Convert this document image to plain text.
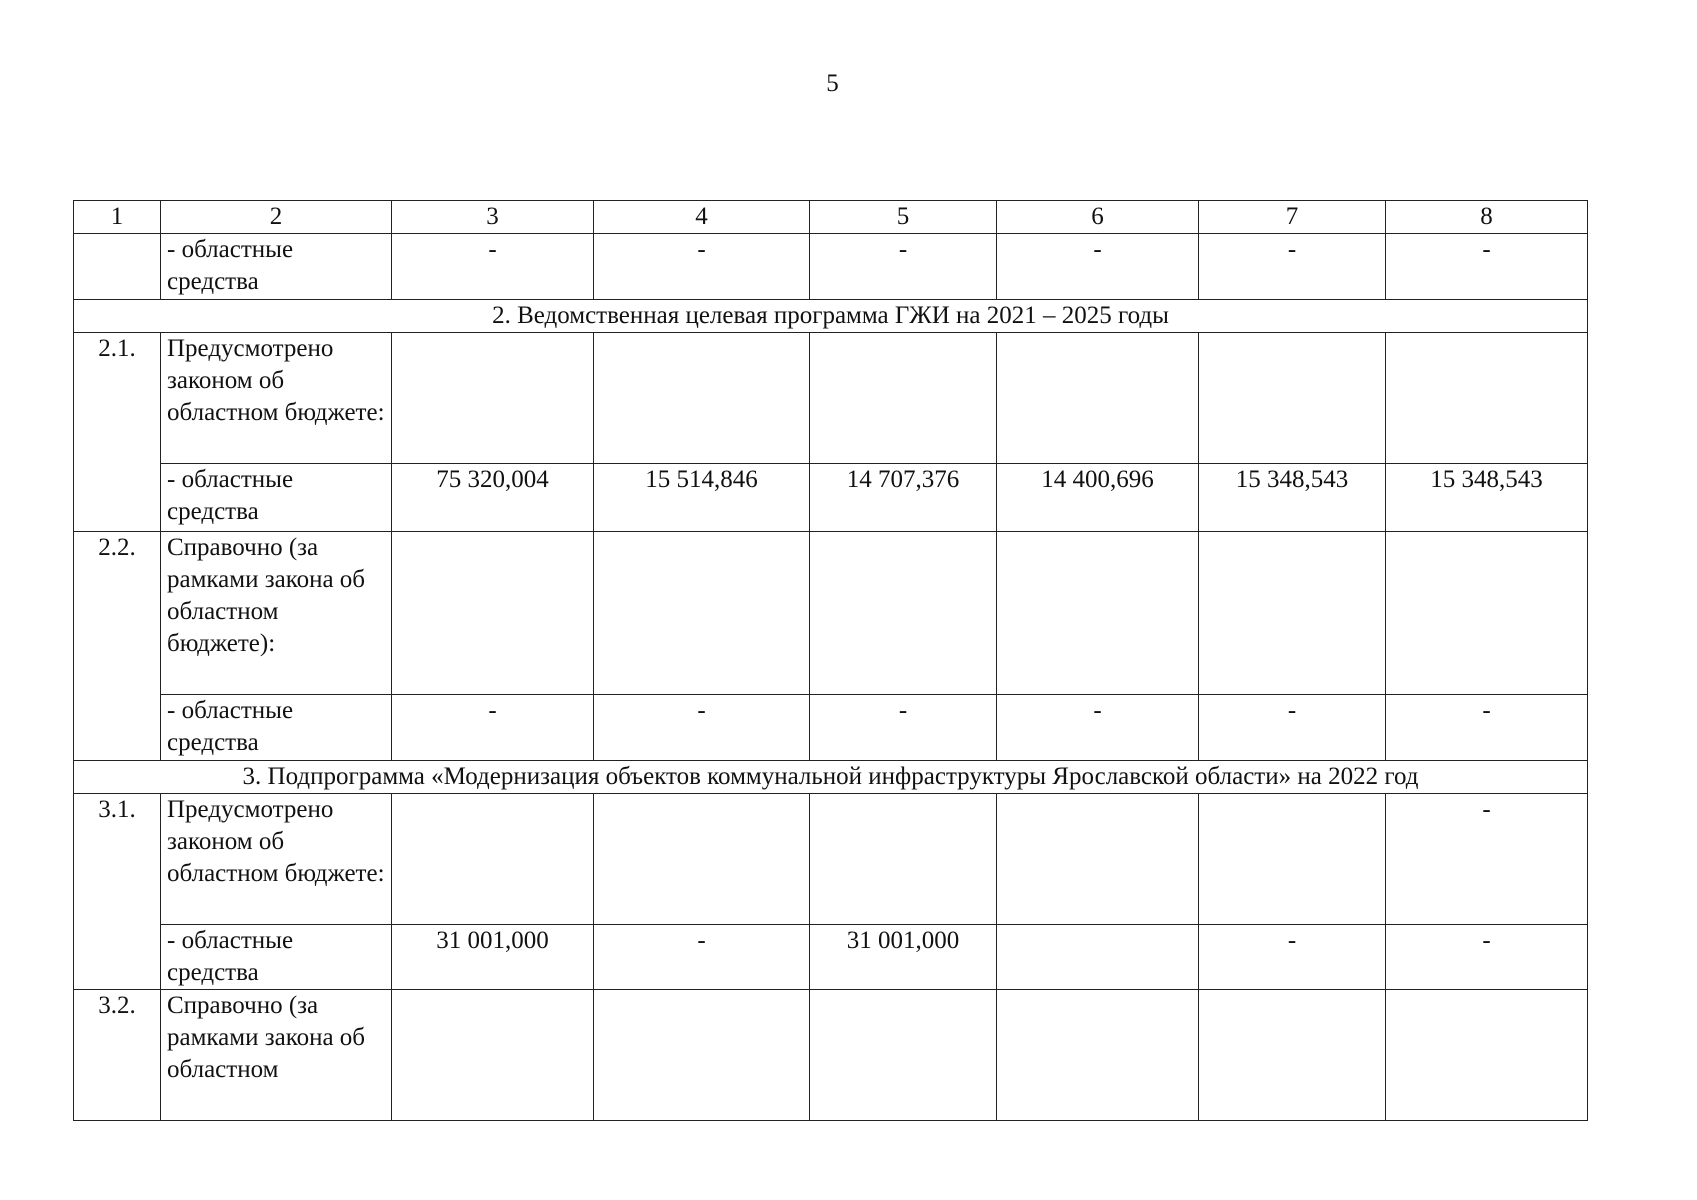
5
1	2	3	4	5	6	7	8
	- областные средства	-	-	-	-	-	-
2. Ведомственная целевая программа ГЖИ на 2021 – 2025 годы							
2.1.	Предусмотрено законом об областном бюджете:						
	- областные средства	75 320,004	15 514,846	14 707,376	14 400,696	15 348,543	15 348,543
2.2.	Справочно (за рамками закона об областном бюджете):						
	- областные средства	-	-	-	-	-	-
3. Подпрограмма «Модернизация объектов коммунальной инфраструктуры Ярославской области» на 2022 год							
3.1.	Предусмотрено законом об областном бюджете:						-
	- областные средства	31 001,000	-	31 001,000		-	-
3.2.	Справочно (за рамками закона об областном						
